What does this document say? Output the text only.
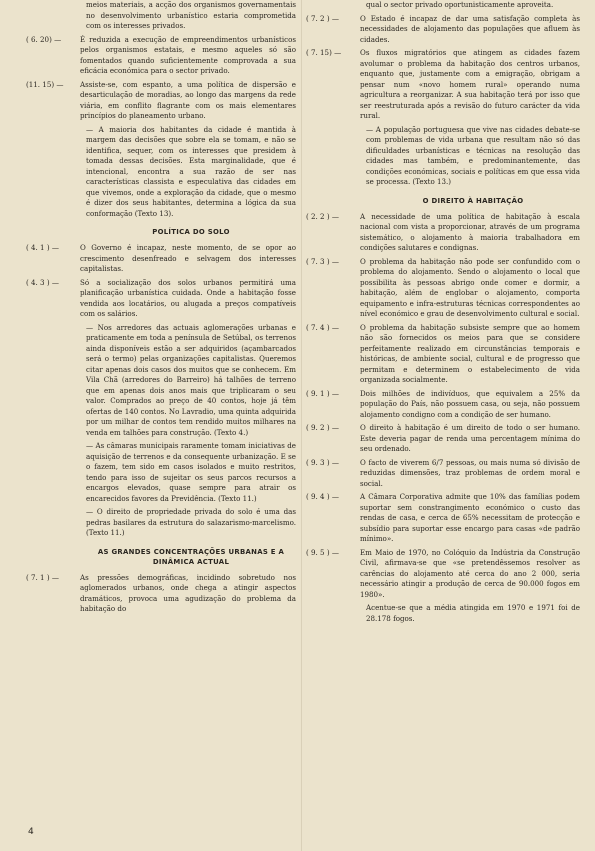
meios materiais, a acção dos organismos governamentais no desenvolvimento urbanístico estaria comprometida com os interesses privados.
( 6. 20) —	É reduzida a execução de empreendimentos urbanísticos pelos organismos estatais, e mesmo aqueles só são fomentados quando suficientemente comprovada a sua eficácia económica para o sector privado.
(11. 15) —	Assiste-se, com espanto, a uma política de dispersão e desarticulação de moradias, ao longo das margens da rede viária, em conflito flagrante com os mais elementares princípios do planeamento urbano.
— A maioria dos habitantes da cidade é mantida à margem das decisões que sobre ela se tomam, e não se identifica, sequer, com os interesses que presidem à tomada dessas decisões. Esta marginalidade, que é intencional, encontra a sua razão de ser nas características classista e especulativa das cidades em que vivemos, onde a exploração da cidade, que o mesmo é dizer dos seus habitantes, determina a lógica da sua conformação (Texto 13).
POLÍTICA DO SOLO
( 4. 1 ) —	O Governo é incapaz, neste momento, de se opor ao crescimento desenfreado e selvagem dos interesses capitalistas.
( 4. 3 ) —	Só a socialização dos solos urbanos permitirá uma planificação urbanística cuidada. Onde a habitação fosse vendida aos locatários, ou alugada a preços compatíveis com os salários.
— Nos arredores das actuais aglomerações urbanas e praticamente em toda a península de Setúbal, os terrenos ainda disponíveis estão a ser adquiridos (açambarcados será o termo) pelas organizações capitalistas. Queremos citar apenas dois casos dos muitos que se conhecem. Em Vila Chã (arredores do Barreiro) há talhões de terreno que em apenas dois anos mais que triplicaram o seu valor. Comprados ao preço de 40 contos, hoje já têm ofertas de 140 contos. No Lavradio, uma quinta adquirida por um milhar de contos tem rendido muitos milhares na venda em talhões para construção. (Texto 4.)
— As câmaras municipais raramente tomam iniciativas de aquisição de terrenos e da consequente urbanização. E se o fazem, tem sido em casos isolados e muito restritos, tendo para isso de sujeitar os seus parcos recursos a encargos elevados, quase sempre para atrair os encarecidos favores da Previdência. (Texto 11.)
— O direito de propriedade privada do solo é uma das pedras basilares da estrutura do salazarismo-marcelismo. (Texto 11.)
AS GRANDES CONCENTRAÇÕES URBANAS E A DINÂMICA ACTUAL
( 7. 1 ) —	As pressões demográficas, incidindo sobretudo nos aglomerados urbanos, onde chega a atingir aspectos dramáticos, provoca uma agudização do problema da habitação do
qual o sector privado oportunisticamente aproveita.
( 7. 2 ) —	O Estado é incapaz de dar uma satisfação completa às necessidades de alojamento das populações que afluem às cidades.
( 7. 15) —	Os fluxos migratórios que atingem as cidades fazem avolumar o problema da habitação dos centros urbanos, enquanto que, justamente com a emigração, obrigam a pensar num «novo homem rural» operando numa agricultura a reorganizar. A sua habitação terá por isso que ser reestruturada após a revisão do futuro carácter da vida rural.
— A população portuguesa que vive nas cidades debate-se com problemas de vida urbana que resultam não só das dificuldades urbanísticas e técnicas na resolução das cidades mas também, e predominantemente, das condições económicas, sociais e políticas em que essa vida se processa. (Texto 13.)
O DIREITO À HABITAÇÃO
( 2. 2 ) —	A necessidade de uma política de habitação à escala nacional com vista a proporcionar, através de um programa sistemático, o alojamento à maioria trabalhadora em condições salutares e condignas.
( 7. 3 ) —	O problema da habitação não pode ser confundido com o problema do alojamento. Sendo o alojamento o local que possibilita às pessoas abrigo onde comer e dormir, a habitação, além de englobar o alojamento, comporta equipamento e infra-estruturas técnicas correspondentes ao nível económico e grau de desenvolvimento cultural e social.
( 7. 4 ) —	O problema da habitação subsiste sempre que ao homem não são fornecidos os meios para que se considere perfeitamente realizado em circunstâncias temporais e históricas, de ambiente social, cultural e de progresso que permitam e determinem o estabelecimento de vida organizada socialmente.
( 9. 1 ) —	Dois milhões de indivíduos, que equivalem a 25% da população do País, não possuem casa, ou seja, não possuem alojamento condigno com a condição de ser humano.
( 9. 2 ) —	O direito à habitação é um direito de todo o ser humano. Este deveria pagar de renda uma percentagem mínima do seu ordenado.
( 9. 3 ) —	O facto de viverem 6/7 pessoas, ou mais numa só divisão de reduzidas dimensões, traz problemas de ordem moral e social.
( 9. 4 ) —	A Câmara Corporativa admite que 10% das famílias podem suportar sem constrangimento económico o custo das rendas de casa, e cerca de 65% necessitam de protecção e subsídio para suportar esse encargo para casas «de padrão mínimo».
( 9. 5 ) —	Em Maio de 1970, no Colóquio da Indústria da Construção Civil, afirmava-se que «se pretendêssemos resolver as carências do alojamento até cerca do ano 2 000, seria necessário atingir a produção de cerca de 90.000 fogos em 1980».
Acentue-se que a média atingida em 1970 e 1971 foi de 28.178 fogos.
4
